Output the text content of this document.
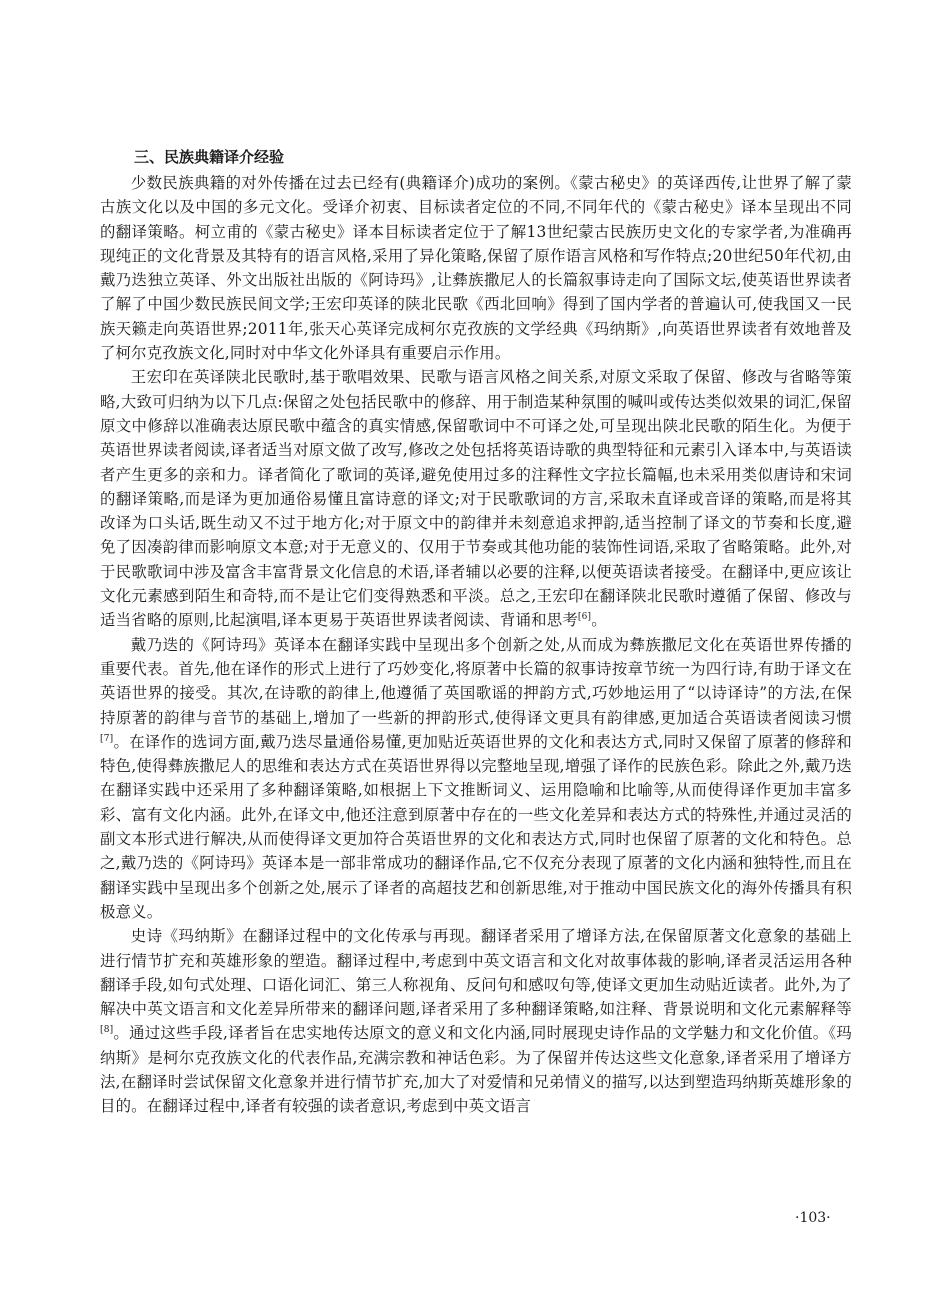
三、民族典籍译介经验

少数民族典籍的对外传播在过去已经有(典籍译介)成功的案例。《蒙古秘史》的英译西传,让世界了解了蒙古族文化以及中国的多元文化。受译介初衷、目标读者定位的不同,不同年代的《蒙古秘史》译本呈现出不同的翻译策略。柯立甫的《蒙古秘史》译本目标读者定位于了解13世纪蒙古民族历史文化的专家学者,为准确再现纯正的文化背景及其特有的语言风格,采用了异化策略,保留了原作语言风格和写作特点;20世纪50年代初,由戴乃迭独立英译、外文出版社出版的《阿诗玛》,让彝族撒尼人的长篇叙事诗走向了国际文坛,使英语世界读者了解了中国少数民族民间文学;王宏印英译的陕北民歌《西北回响》得到了国内学者的普遍认可,使我国又一民族天籁走向英语世界;2011年,张天心英译完成柯尔克孜族的文学经典《玛纳斯》,向英语世界读者有效地普及了柯尔克孜族文化,同时对中华文化外译具有重要启示作用。

王宏印在英译陕北民歌时,基于歌唱效果、民歌与语言风格之间关系,对原文采取了保留、修改与省略等策略,大致可归纳为以下几点:保留之处包括民歌中的修辞、用于制造某种氛围的喊叫或传达类似效果的词汇,保留原文中修辞以准确表达原民歌中蕴含的真实情感,保留歌词中不可译之处,可呈现出陕北民歌的陌生化。为便于英语世界读者阅读,译者适当对原文做了改写,修改之处包括将英语诗歌的典型特征和元素引入译本中,与英语读者产生更多的亲和力。译者简化了歌词的英译,避免使用过多的注释性文字拉长篇幅,也未采用类似唐诗和宋词的翻译策略,而是译为更加通俗易懂且富诗意的译文;对于民歌歌词的方言,采取未直译或音译的策略,而是将其改译为口头话,既生动又不过于地方化;对于原文中的韵律并未刻意追求押韵,适当控制了译文的节奏和长度,避免了因凑韵律而影响原文本意;对于无意义的、仅用于节奏或其他功能的装饰性词语,采取了省略策略。此外,对于民歌歌词中涉及富含丰富背景文化信息的术语,译者辅以必要的注释,以便英语读者接受。在翻译中,更应该让文化元素感到陌生和奇特,而不是让它们变得熟悉和平淡。总之,王宏印在翻译陕北民歌时遵循了保留、修改与适当省略的原则,比起演唱,译本更易于英语世界读者阅读、背诵和思考[6]。

戴乃迭的《阿诗玛》英译本在翻译实践中呈现出多个创新之处,从而成为彝族撒尼文化在英语世界传播的重要代表。首先,他在译作的形式上进行了巧妙变化,将原著中长篇的叙事诗按章节统一为四行诗,有助于译文在英语世界的接受。其次,在诗歌的韵律上,他遵循了英国歌谣的押韵方式,巧妙地运用了“以诗译诗”的方法,在保持原著的韵律与音节的基础上,增加了一些新的押韵形式,使得译文更具有韵律感,更加适合英语读者阅读习惯[7]。在译作的选词方面,戴乃迭尽量通俗易懂,更加贴近英语世界的文化和表达方式,同时又保留了原著的修辞和特色,使得彝族撒尼人的思维和表达方式在英语世界得以完整地呈现,增强了译作的民族色彩。除此之外,戴乃迭在翻译实践中还采用了多种翻译策略,如根据上下文推断词义、运用隐喻和比喻等,从而使得译作更加丰富多彩、富有文化内涵。此外,在译文中,他还注意到原著中存在的一些文化差异和表达方式的特殊性,并通过灵活的副文本形式进行解决,从而使得译文更加符合英语世界的文化和表达方式,同时也保留了原著的文化和特色。总之,戴乃迭的《阿诗玛》英译本是一部非常成功的翻译作品,它不仅充分表现了原著的文化内涵和独特性,而且在翻译实践中呈现出多个创新之处,展示了译者的高超技艺和创新思维,对于推动中国民族文化的海外传播具有积极意义。

史诗《玛纳斯》在翻译过程中的文化传承与再现。翻译者采用了增译方法,在保留原著文化意象的基础上进行情节扩充和英雄形象的塑造。翻译过程中,考虑到中英文语言和文化对故事体裁的影响,译者灵活运用各种翻译手段,如句式处理、口语化词汇、第三人称视角、反问句和感叹句等,使译文更加生动贴近读者。此外,为了解决中英文语言和文化差异所带来的翻译问题,译者采用了多种翻译策略,如注释、背景说明和文化元素解释等[8]。通过这些手段,译者旨在忠实地传达原文的意义和文化内涵,同时展现史诗作品的文学魅力和文化价值。《玛纳斯》是柯尔克孜族文化的代表作品,充满宗教和神话色彩。为了保留并传达这些文化意象,译者采用了增译方法,在翻译时尝试保留文化意象并进行情节扩充,加大了对爱情和兄弟情义的描写,以达到塑造玛纳斯英雄形象的目的。在翻译过程中,译者有较强的读者意识,考虑到中英文语言

·103·
